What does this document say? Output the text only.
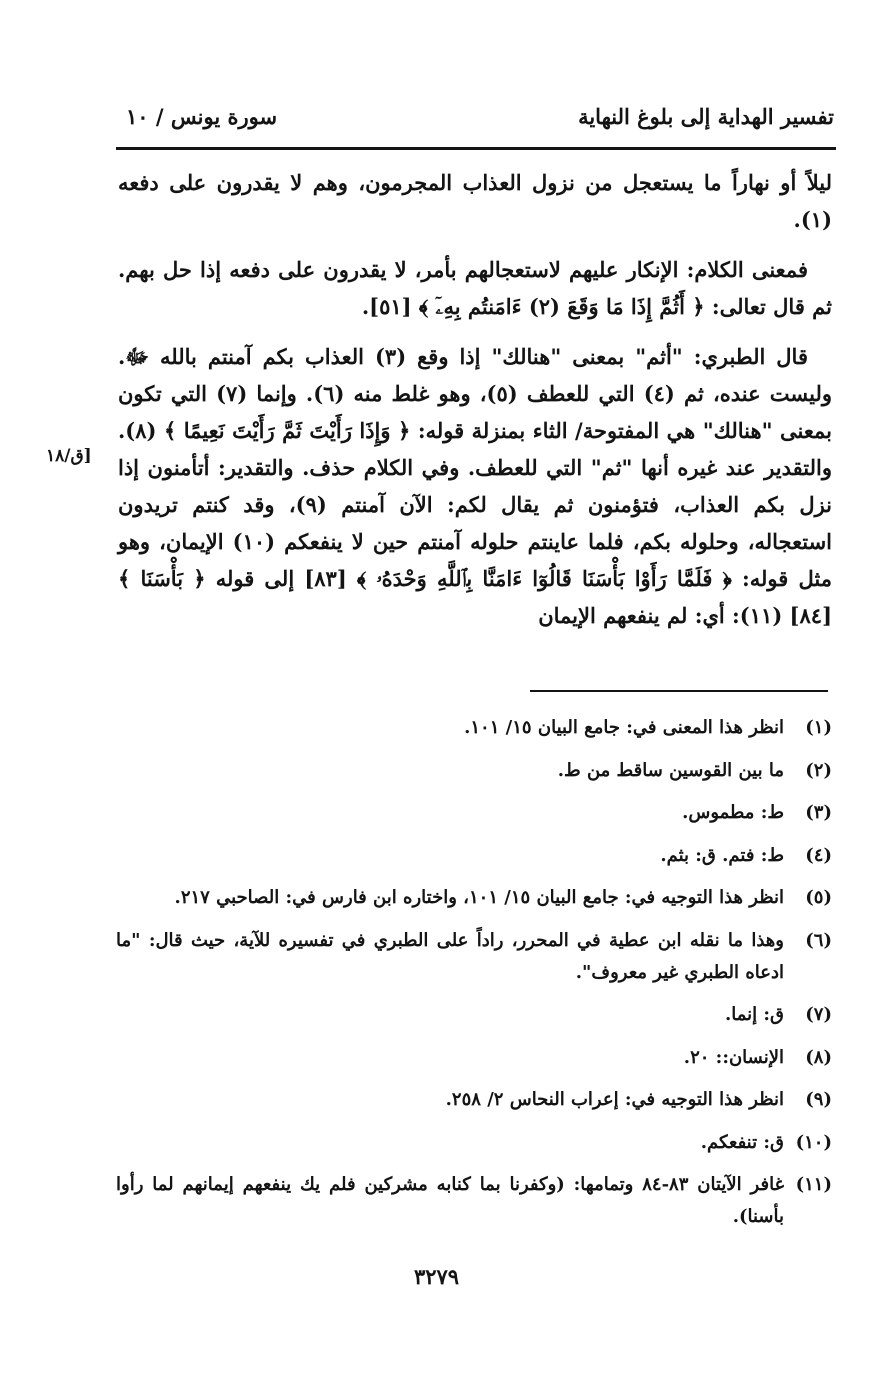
تفسير الهداية إلى بلوغ النهاية
سورة يونس / ١٠

ليلاً أو نهاراً ما يستعجل من نزول العذاب المجرمون، وهم لا يقدرون على دفعه (١).

فمعنى الكلام: الإنكار عليهم لاستعجالهم بأمر، لا يقدرون على دفعه إذا حل بهم. ثم قال تعالى: ﴿ أَثُمَّ إِذَا مَا وَقَعَ (٢) ءَامَنتُم بِهِۦٓ ﴾ [٥١].

قال الطبري: "أثم" بمعنى "هنالك" إذا وقع (٣) العذاب بكم آمنتم بالله ﷻ. وليست عنده، ثم (٤) التي للعطف (٥)، وهو غلط منه (٦). وإنما (٧) التي تكون بمعنى "هنالك" هي المفتوحة/ الثاء بمنزلة قوله: ﴿ وَإِذَا رَأَيْتَ ثَمَّ رَأَيْتَ نَعِيمًا ﴾ (٨). والتقدير عند غيره أنها "ثم" التي للعطف. وفي الكلام حذف. والتقدير: أتأمنون إذا نزل بكم العذاب، فتؤمنون ثم يقال لكم: الآن آمنتم (٩)، وقد كنتم تريدون استعجاله، وحلوله بكم، فلما عاينتم حلوله آمنتم حين لا ينفعكم (١٠) الإيمان، وهو مثل قوله: ﴿ فَلَمَّا رَأَوْا بَأْسَنَا قَالُوٓا ءَامَنَّا بِٱللَّهِ وَحْدَهُۥ ﴾ [٨٣] إلى قوله ﴿ بَأْسَنَا ﴾ [٨٤] (١١): أي: لم ينفعهم الإيمان

[ق/١٨
(١)
انظر هذا المعنى في: جامع البيان ١٥/ ١٠١.
(٢)
ما بين القوسين ساقط من ط.
(٣)
ط: مطموس.
(٤)
ط: فتم. ق: بثم.
(٥)
انظر هذا التوجيه في: جامع البيان ١٥/ ١٠١، واختاره ابن فارس في: الصاحبي ٢١٧.
(٦)
وهذا ما نقله ابن عطية في المحرر، راداً على الطبري في تفسيره للآية، حيث قال: "ما ادعاه الطبري غير معروف".
(٧)
ق: إنما.
(٨)
الإنسان:: ٢٠.
(٩)
انظر هذا التوجيه في: إعراب النحاس ٢/ ٢٥٨.
(١٠)
ق: تنفعكم.
(١١)
غافر الآيتان ٨٣-٨٤ وتمامها: (وكفرنا بما كنابه مشركين فلم يك ينفعهم إيمانهم لما رأوا بأسنا).
٣٢٧٩
